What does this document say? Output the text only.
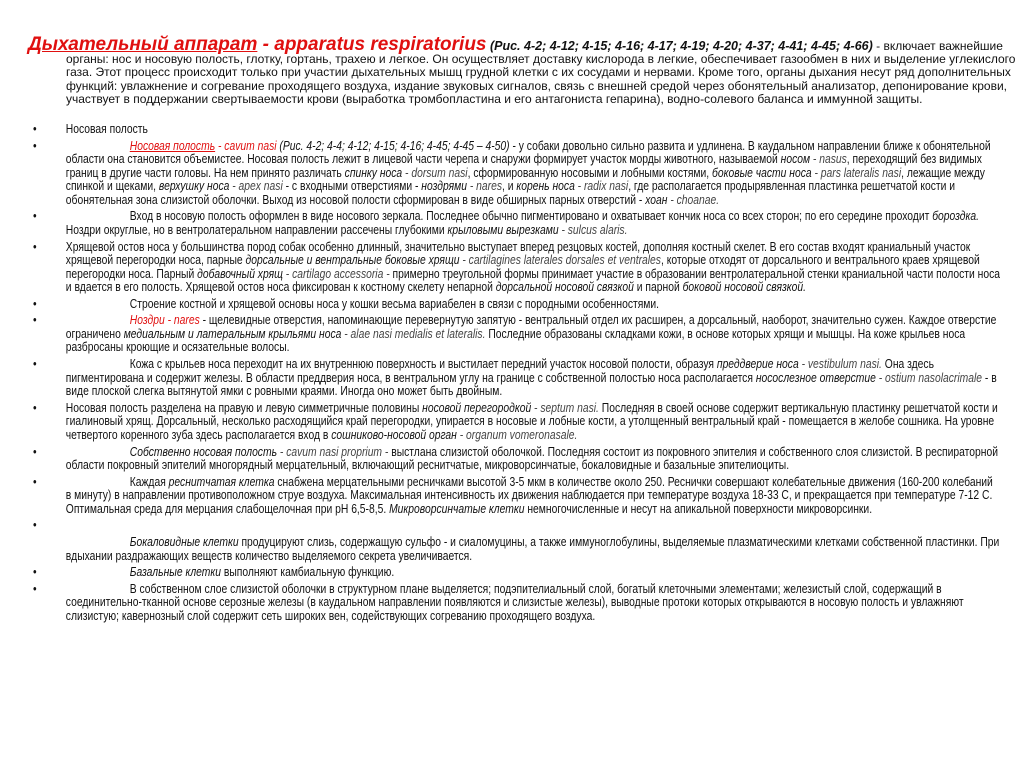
Дыхательный аппарат - apparatus respiratorius (Рис. 4-2; 4-12; 4-15; 4-16; 4-17; 4-19; 4-20; 4-37; 4-41; 4-45; 4-66) - включает важнейшие органы: нос и носовую полость, глотку, гортань, трахею и легкое. Он осуществляет доставку кислорода в легкие, обеспечивает газообмен в них и выделение углекислого газа. Этот процесс происходит только при участии дыхательных мышц грудной клетки с их сосудами и нервами. Кроме того, органы дыхания несут ряд дополнительных функций: увлажнение и согревание проходящего воздуха, издание звуковых сигналов, связь с внешней средой через обонятельный анализатор, депонирование крови, участвует в поддержании свертываемости крови (выработка тромбопластина и его антагониста гепарина), водно-солевого баланса и иммунной защиты.
• Носовая полость
•	Носовая полость - cavum nasi (Рис. 4-2; 4-4; 4-12; 4-15; 4-16; 4-45; 4-45 – 4-50) - у собаки довольно сильно развита и удлинена. В каудальном направлении ближе к обонятельной области она становится объемистее. Носовая полость лежит в лицевой части черепа и снаружи формирует участок морды животного, называемой носом - nasus, переходящий без видимых границ в другие части головы. На нем принято различать спинку носа - dorsum nasi, сформированную носовыми и лобными костями, боковые части носа - pars lateralis nasi, лежащие между спинкой и щеками, верхушку носа - apex nasi - с входными отверстиями - ноздрями - nares, и корень носа - radix nasi, где располагается продырявленная пластинка решетчатой кости и обонятельная зона слизистой оболочки. Выход из носовой полости сформирован в виде обширных парных отверстий - хоан - choanae.
•	Вход в носовую полость оформлен в виде носового зеркала. Последнее обычно пигментировано и охватывает кончик носа со всех сторон; по его середине проходит бороздка. Ноздри округлые, но в вентролатеральном направлении рассечены глубокими крыловыми вырезками - sulcus alaris.
• Хрящевой остов носа у большинства пород собак особенно длинный, значительно выступает вперед резцовых костей, дополняя костный скелет. В его состав входят краниальный участок хрящевой перегородки носа, парные дорсальные и вентральные боковые хрящи - cartilagines laterales dorsales et ventrales, которые отходят от дорсального и вентрального краев хрящевой перегородки носа. Парный добавочный хрящ - cartilago accessoria - примерно треугольной формы принимает участие в образовании вентролатеральной стенки краниальной части полости носа и вдается в его полость. Хрящевой остов носа фиксирован к костному скелету непарной дорсальной носовой связкой и парной боковой носовой связкой.
•	Строение костной и хрящевой основы носа у кошки весьма вариабелен в связи с породными особенностями.
•	Ноздри - nares - щелевидные отверстия, напоминающие перевернутую запятую - вентральный отдел их расширен, а дорсальный, наоборот, значительно сужен. Каждое отверстие ограничено медиальным и латеральным крыльями носа - alae nasi medialis et lateralis. Последние образованы складками кожи, в основе которых хрящи и мышцы. На коже крыльев носа разбросаны кроющие и осязательные волосы.
•	Кожа с крыльев носа переходит на их внутреннюю поверхность и выстилает передний участок носовой полости, образуя преддверие носа - vestibulum nasi. Она здесь пигментирована и содержит железы. В области преддверия носа, в вентральном углу на границе с собственной полостью носа располагается носослезное отверстие - ostium nasolacrimale - в виде плоской слегка вытянутой ямки с ровными краями. Иногда оно может быть двойным.
• Носовая полость разделена на правую и левую симметричные половины носовой перегородкой - septum nasi. Последняя в своей основе содержит вертикальную пластинку решетчатой кости и гиалиновый хрящ. Дорсальный, несколько расходящийся край перегородки, упирается в носовые и лобные кости, а утолщенный вентральный край - помещается в желобе сошника. На уровне четвертого коренного зуба здесь располагается вход в сошниково-носовой орган - organum vomeronasale.
•	Собственно носовая полость - cavum nasi proprium - выстлана слизистой оболочкой. Последняя состоит из покровного эпителия и собственного слоя слизистой. В респираторной области покровный эпителий многорядный мерцательный, включающий реснитчатые, микроворсинчатые, бокаловидные и базальные эпителиоциты.
•	Каждая реснитчатая клетка снабжена мерцательными ресничками высотой 3-5 мкм в количестве около 250. Реснички совершают колебательные движения (160-200 колебаний в минуту) в направлении противоположном струе воздуха. Максимальная интенсивность их движения наблюдается при температуре воздуха 18-33 С, и прекращается при температуре 7-12 С. Оптимальная среда для мерцания слабощелочная при рН 6,5-8,5. Микроворсинчатые клетки немногочисленные и несут на апикальной поверхности микроворсинки.
•
Бокаловидные клетки продуцируют слизь, содержащую сульфо - и сиаломуцины, а также иммуноглобулины, выделяемые плазматическими клетками собственной пластинки. При вдыхании раздражающих веществ количество выделяемого секрета увеличивается.
•	Базальные клетки выполняют камбиальную функцию.
•	В собственном слое слизистой оболочки в структурном плане выделяется; подэпителиальный слой, богатый клеточными элементами; железистый слой, содержащий в соединительно-тканной основе серозные железы (в каудальном направлении появляются и слизистые железы), выводные протоки которых открываются в носовую полость и увлажняют слизистую; кавернозный слой содержит сеть широких вен, содействующих согреванию проходящего воздуха.
